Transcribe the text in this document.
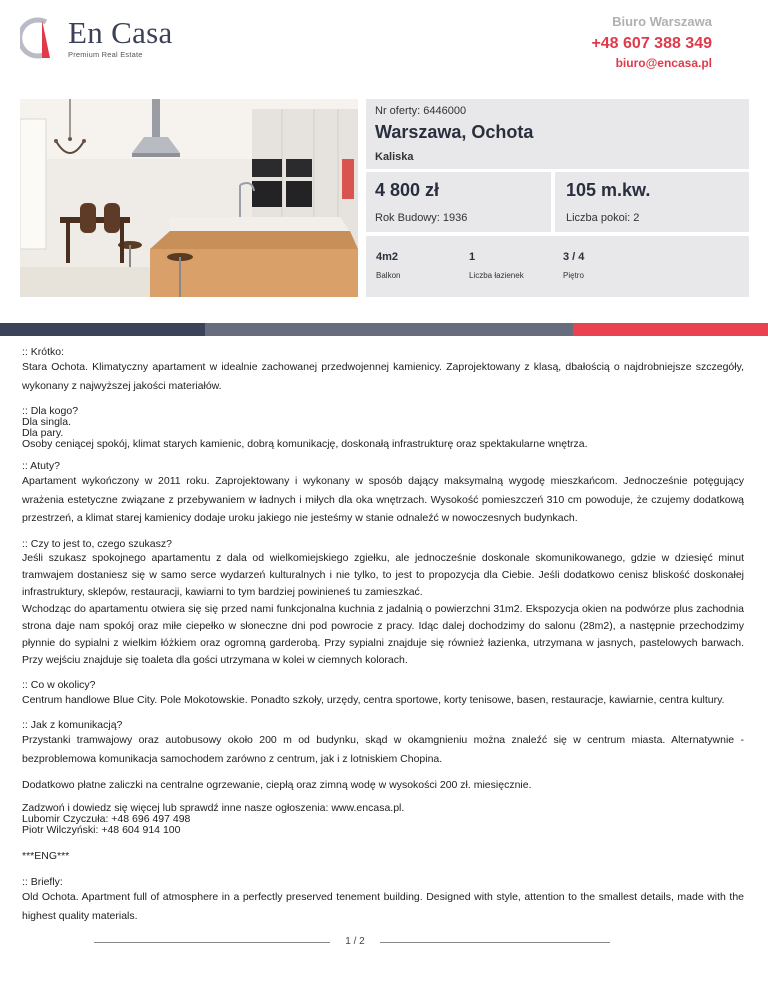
En Casa
Premium Real Estate
Biuro Warszawa
+48 607 388 349
biuro@encasa.pl
Nr oferty: 6446000
Warszawa, Ochota
Kaliska
4 800 zł
Rok Budowy: 1936
105 m.kw.
Liczba pokoi: 2
4m2
Balkon
1
Liczba łazienek
3 / 4
Piętro

:: Krótko:
Stara Ochota. Klimatyczny apartament w idealnie zachowanej przedwojennej kamienicy. Zaprojektowany z klasą, dbałością o najdrobniejsze szczegóły, wykonany z najwyższej jakości materiałów.

:: Dla kogo?
Dla singla.
Dla pary.
Osoby ceniącej spokój, klimat starych kamienic, dobrą komunikację, doskonałą infrastrukturę oraz spektakularne wnętrza.

:: Atuty?
Apartament wykończony w 2011 roku. Zaprojektowany i wykonany w sposób dający maksymalną wygodę mieszkańcom. Jednocześnie potęgujący wrażenia estetyczne związane z przebywaniem w ładnych i miłych dla oka wnętrzach. Wysokość pomieszczeń 310 cm powoduje, że czujemy dodatkową przestrzeń, a klimat starej kamienicy dodaje uroku jakiego nie jesteśmy w stanie odnaleźć w nowoczesnych budynkach.

:: Czy to jest to, czego szukasz?
Jeśli szukasz spokojnego apartamentu z dala od wielkomiejskiego zgiełku, ale jednocześnie doskonale skomunikowanego, gdzie w dziesięć minut tramwajem dostaniesz się w samo serce wydarzeń kulturalnych i nie tylko, to jest to propozycja dla Ciebie. Jeśli dodatkowo cenisz bliskość doskonałej infrastruktury, sklepów, restauracji, kawiarni to tym bardziej powinieneś tu zamieszkać.
Wchodząc do apartamentu otwiera się się przed nami funkcjonalna kuchnia z jadalnią o powierzchni 31m2. Ekspozycja okien na podwórze plus zachodnia strona daje nam spokój oraz miłe ciepełko w słoneczne dni pod powrocie z pracy. Idąc dalej dochodzimy do salonu (28m2), a następnie przechodzimy płynnie do sypialni z wielkim łóżkiem oraz ogromną garderobą. Przy sypialni znajduje się również łazienka, utrzymana w jasnych, pastelowych barwach. Przy wejściu znajduje się toaleta dla gości utrzymana w kolei w ciemnych kolorach.

:: Co w okolicy?
Centrum handlowe Blue City. Pole Mokotowskie. Ponadto szkoły, urzędy, centra sportowe, korty tenisowe, basen, restauracje, kawiarnie, centra kultury.

:: Jak z komunikacją?
Przystanki tramwajowy oraz autobusowy około 200 m od budynku, skąd w okamgnieniu można znaleźć się w centrum miasta. Alternatywnie - bezproblemowa komunikacja samochodem zarówno z centrum, jak i z lotniskiem Chopina.

Dodatkowo płatne zaliczki na centralne ogrzewanie, ciepłą oraz zimną wodę w wysokości 200 zł. miesięcznie.

Zadzwoń i dowiedz się więcej lub sprawdź inne nasze ogłoszenia: www.encasa.pl.
Lubomir Czyczuła: +48 696 497 498
Piotr Wilczyński: +48 604 914 100

***ENG***

:: Briefly:
Old Ochota. Apartment full of atmosphere in a perfectly preserved tenement building. Designed with style, attention to the smallest details, made with the highest quality materials.

1 / 2
